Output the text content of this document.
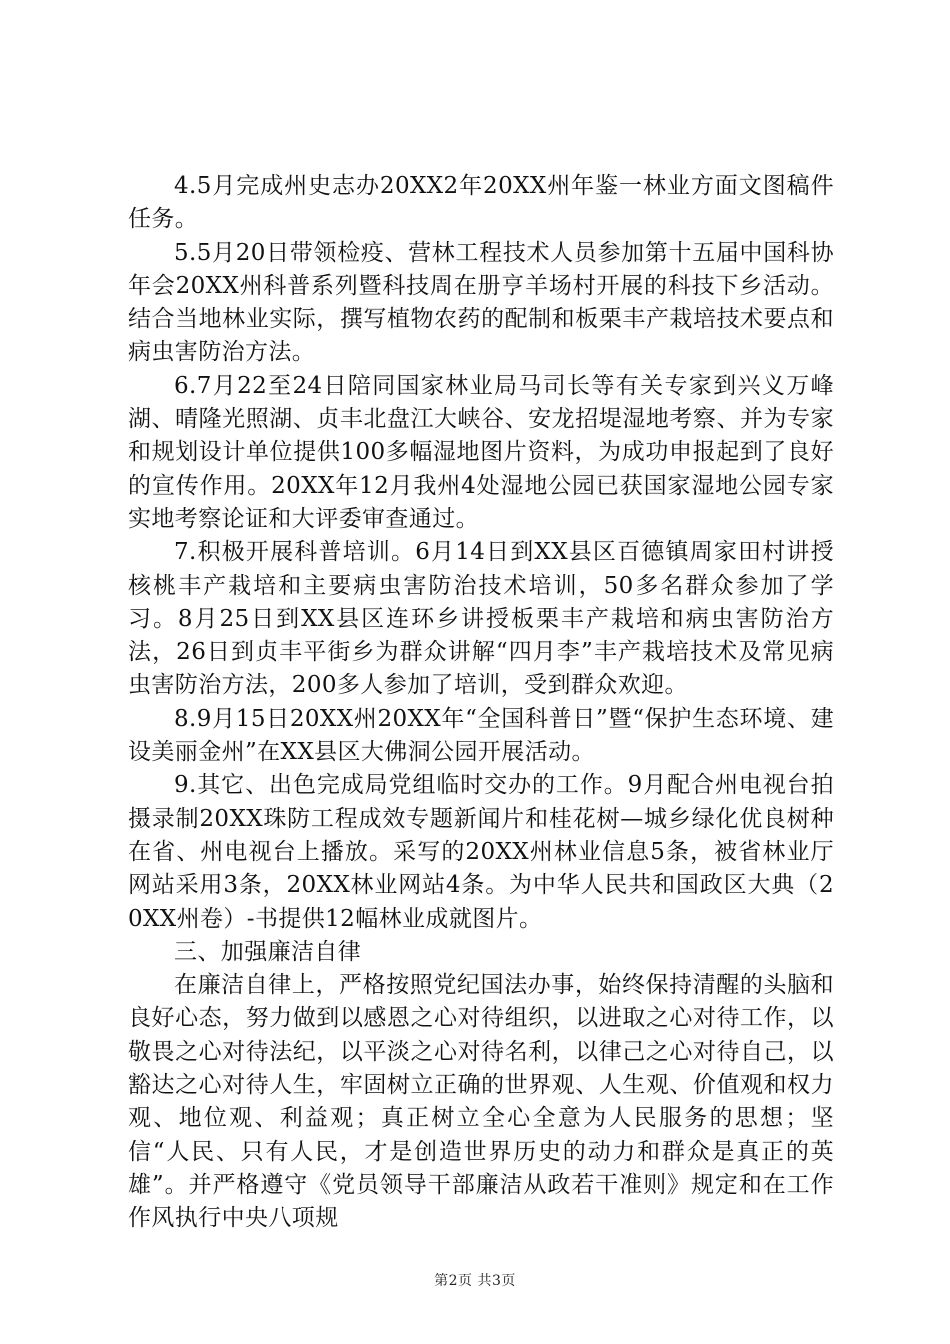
4.5月完成州史志办20XX2年20XX州年鉴一林业方面文图稿件任务。

5.5月20日带领检疫、营林工程技术人员参加第十五届中国科协年会20XX州科普系列暨科技周在册亨羊场村开展的科技下乡活动。结合当地林业实际，撰写植物农药的配制和板栗丰产栽培技术要点和病虫害防治方法。

6.7月22至24日陪同国家林业局马司长等有关专家到兴义万峰湖、晴隆光照湖、贞丰北盘江大峡谷、安龙招堤湿地考察、并为专家和规划设计单位提供100多幅湿地图片资料，为成功申报起到了良好的宣传作用。20XX年12月我州4处湿地公园已获国家湿地公园专家实地考察论证和大评委审查通过。

7.积极开展科普培训。6月14日到XX县区百德镇周家田村讲授核桃丰产栽培和主要病虫害防治技术培训，50多名群众参加了学习。8月25日到XX县区连环乡讲授板栗丰产栽培和病虫害防治方法，26日到贞丰平街乡为群众讲解“四月李”丰产栽培技术及常见病虫害防治方法，200多人参加了培训，受到群众欢迎。

8.9月15日20XX州20XX年“全国科普日”暨“保护生态环境、建设美丽金州”在XX县区大佛洞公园开展活动。

9.其它、出色完成局党组临时交办的工作。9月配合州电视台拍摄录制20XX珠防工程成效专题新闻片和桂花树—城乡绿化优良树种在省、州电视台上播放。采写的20XX州林业信息5条，被省林业厅网站采用3条，20XX林业网站4条。为中华人民共和国政区大典（20XX州卷）-书提供12幅林业成就图片。

三、加强廉洁自律

在廉洁自律上，严格按照党纪国法办事，始终保持清醒的头脑和良好心态，努力做到以感恩之心对待组织，以进取之心对待工作，以敬畏之心对待法纪，以平淡之心对待名利，以律己之心对待自己，以豁达之心对待人生，牢固树立正确的世界观、人生观、价值观和权力观、地位观、利益观；真正树立全心全意为人民服务的思想；坚信“人民、只有人民，才是创造世界历史的动力和群众是真正的英雄”。并严格遵守《党员领导干部廉洁从政若干准则》规定和在工作作风执行中央八项规

第2页 共3页
